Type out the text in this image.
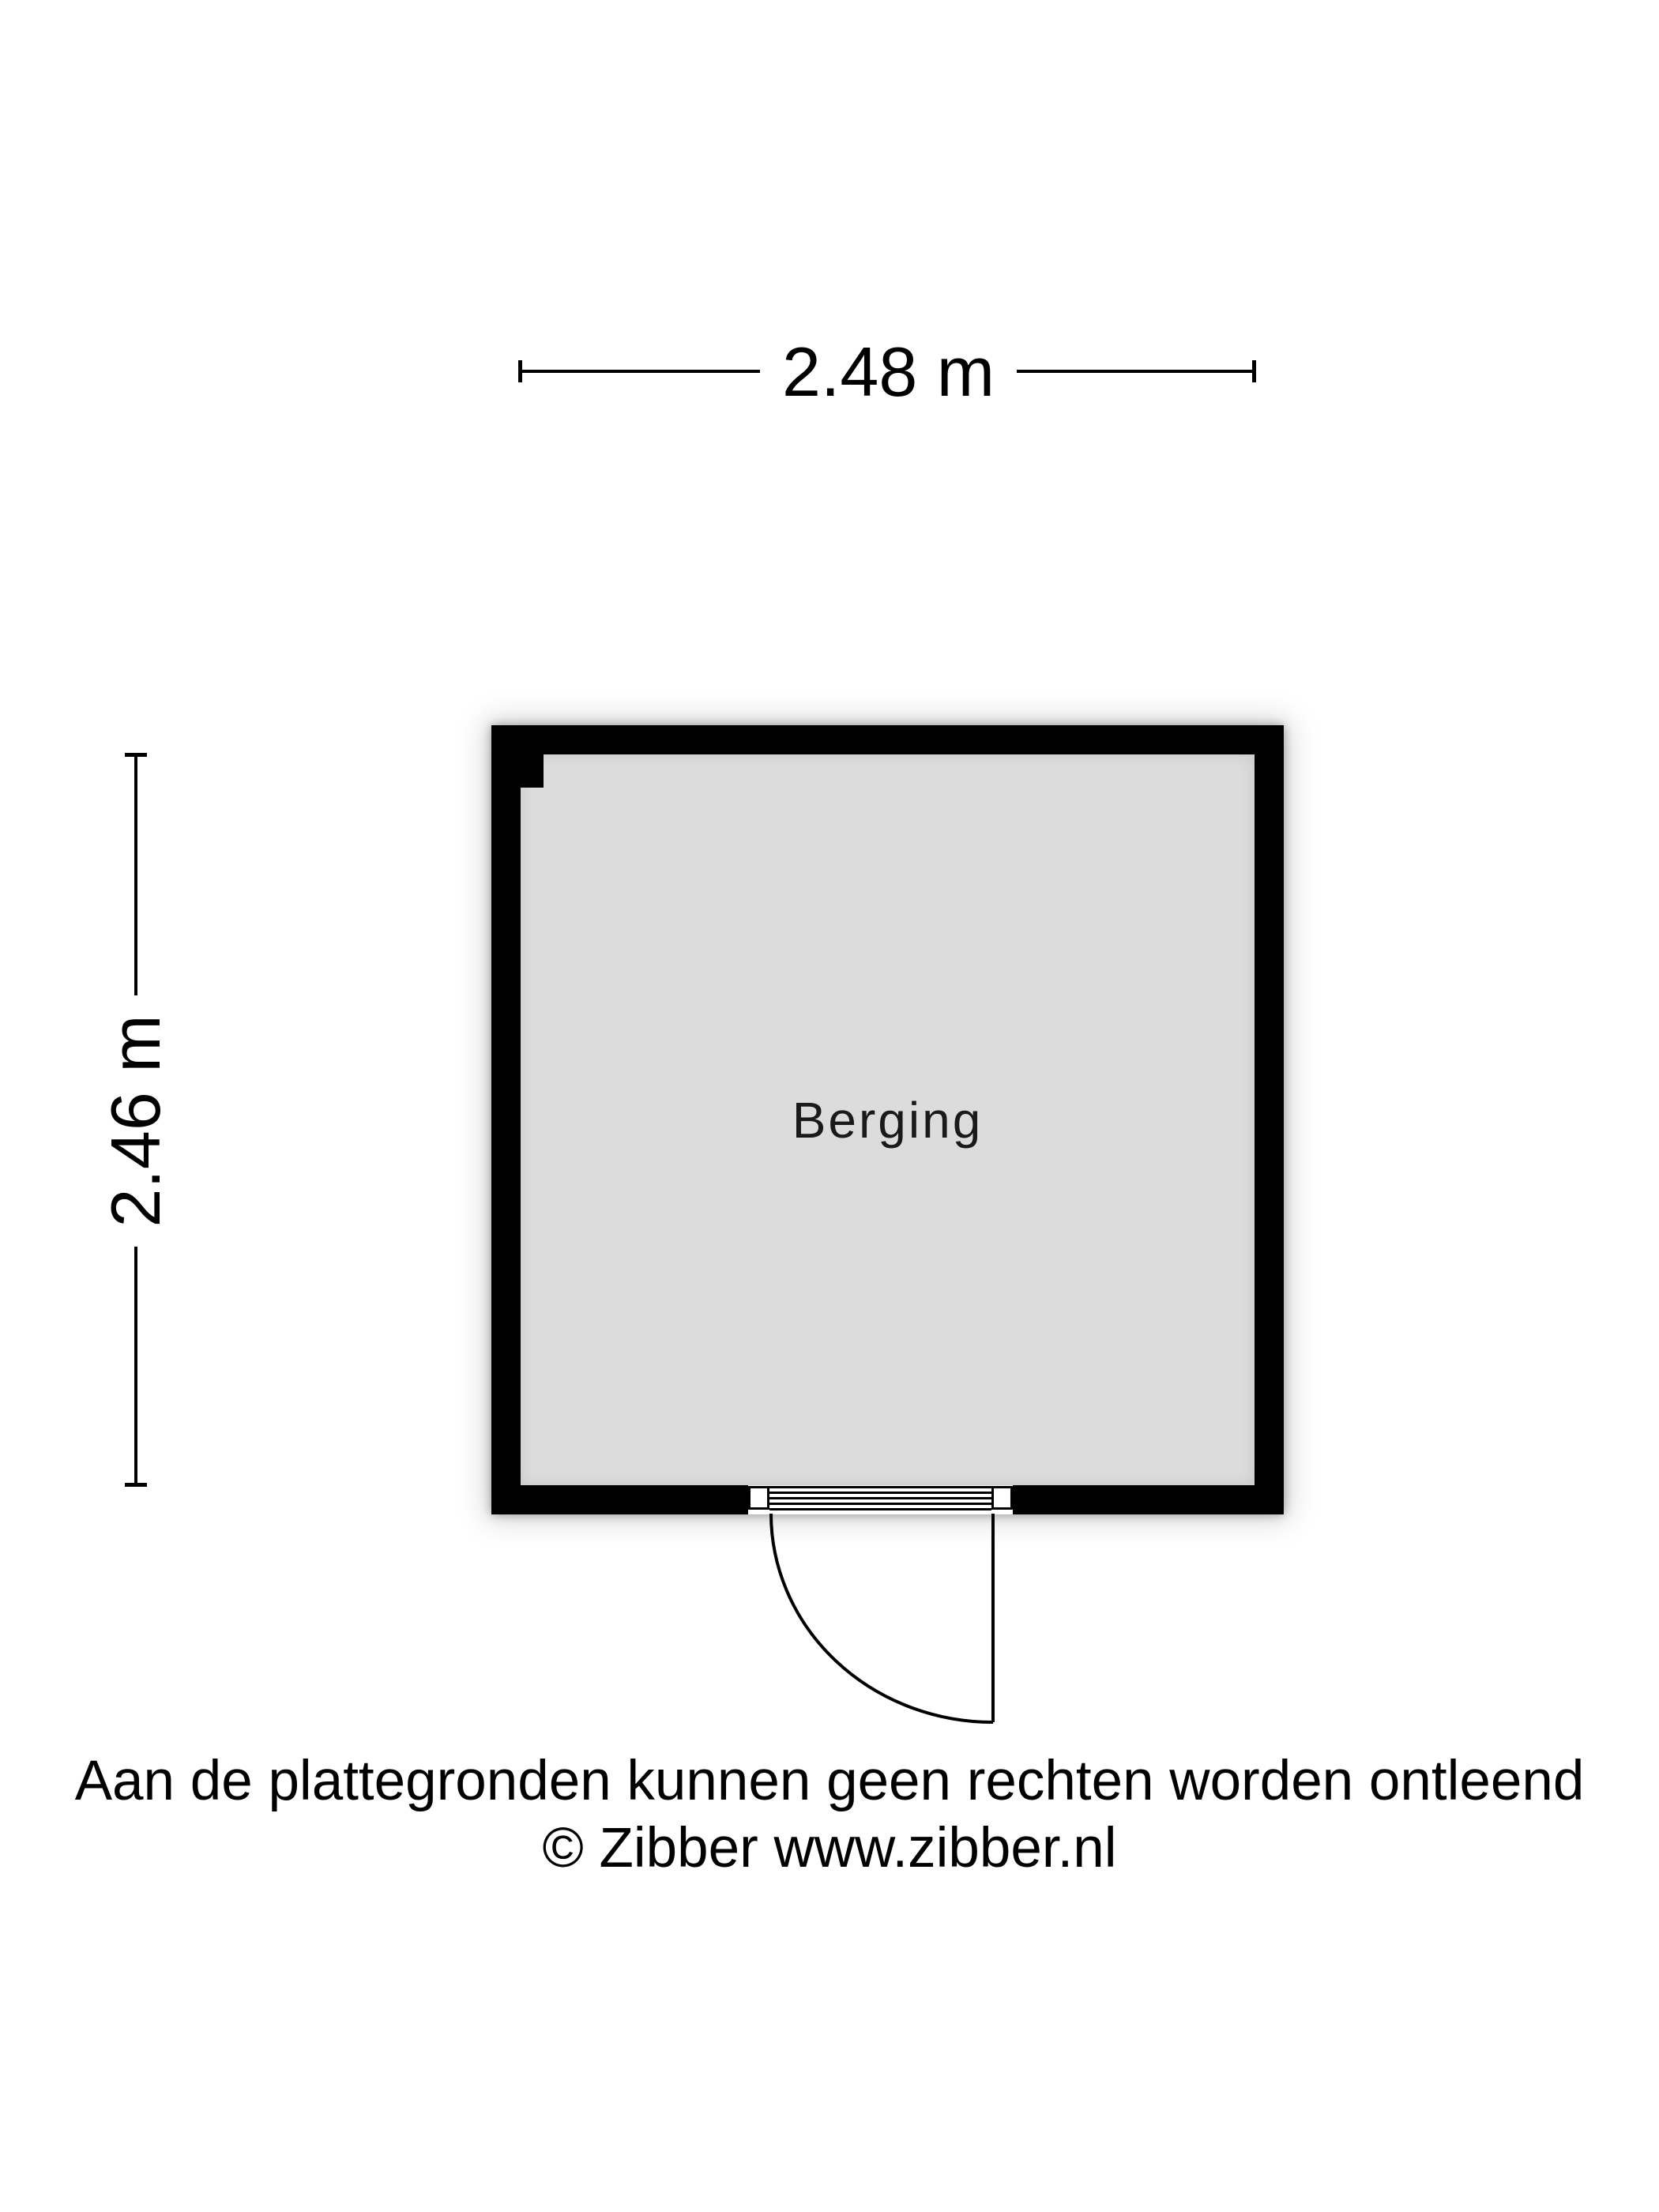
2.48 m
2.46 m	Berging
Aan de plattegronden kunnen geen rechten worden ontleend
© Zibber www.zibber.nl
